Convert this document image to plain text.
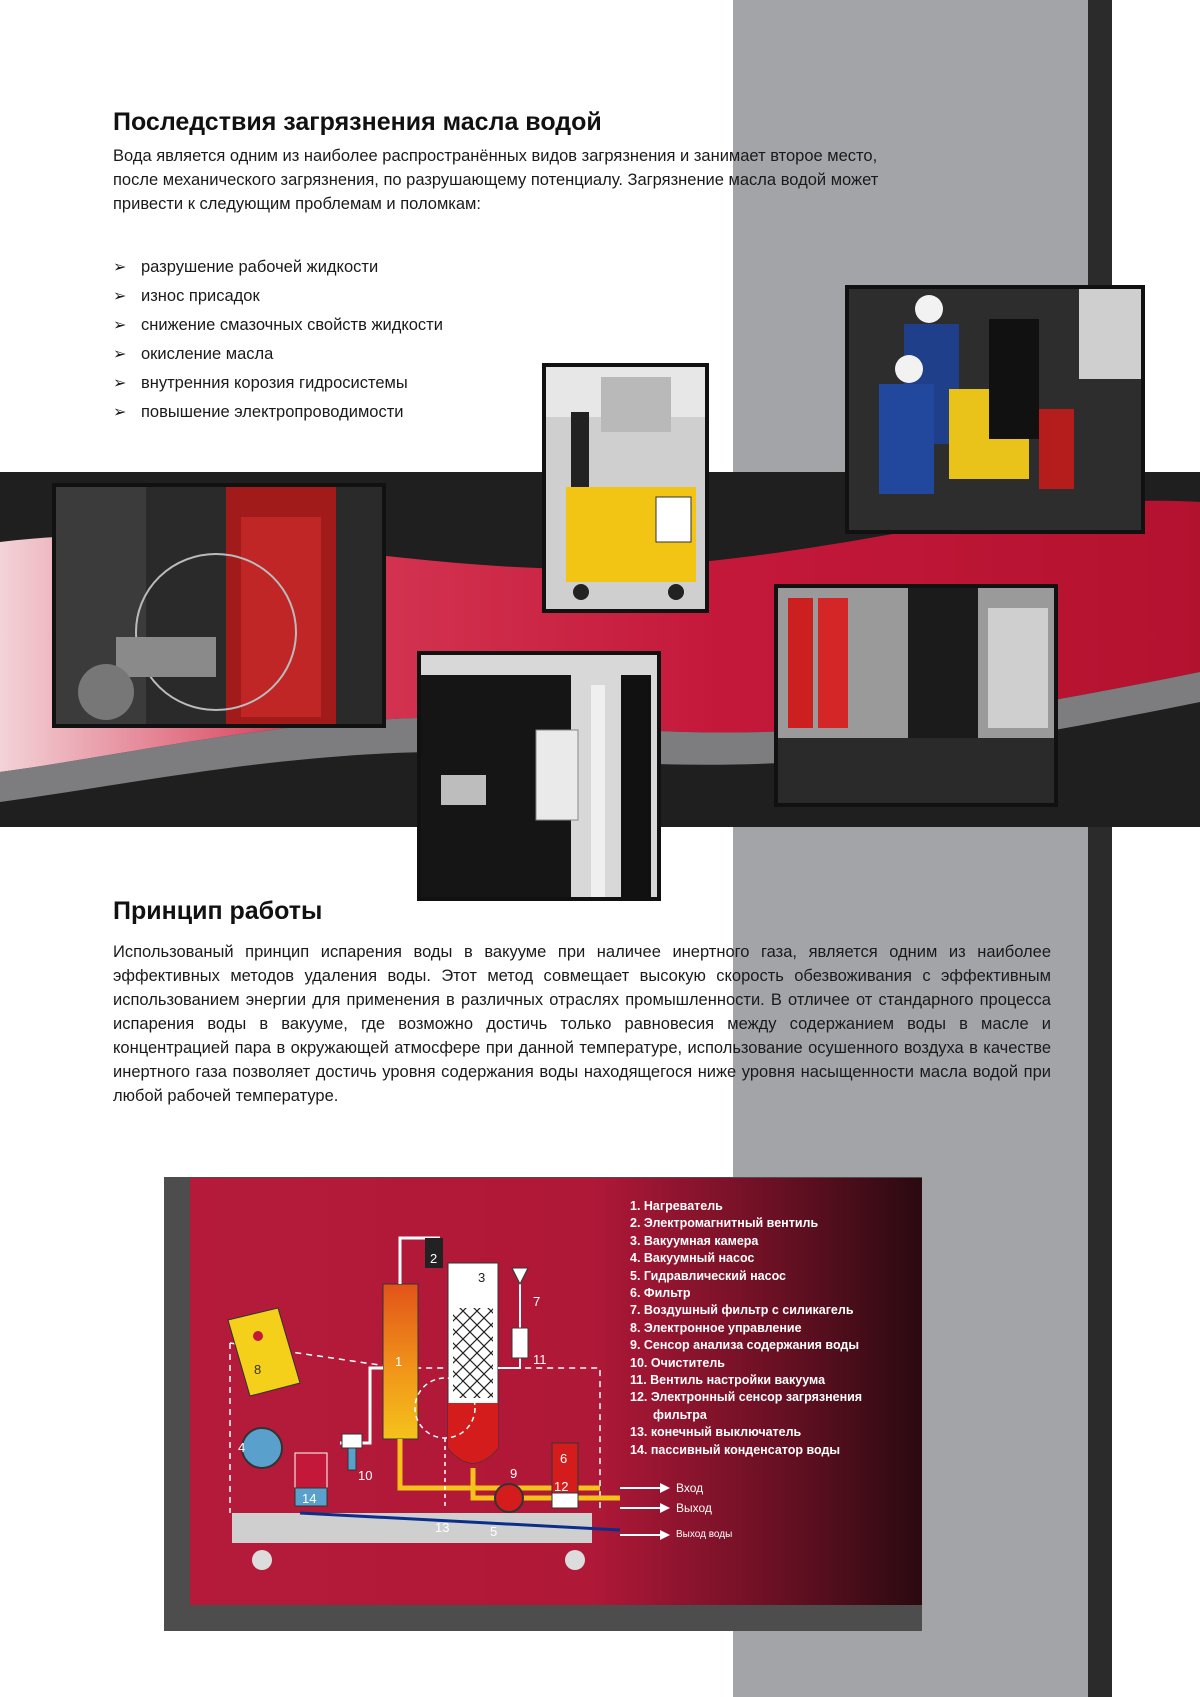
Последствия загрязнения масла водой

Вода является одним из наиболее распространённых видов загрязнения и занимает второе место,

после механического загрязнения, по разрушающему потенциалу. Загрязнение масла водой может

привести к следующим проблемам и поломкам:

➢ разрушение рабочей жидкости
➢ износ присадок
➢ снижение смазочных свойств жидкости
➢ окисление масла
➢ внутренния корозия гидросистемы
➢ повышение электропроводимости
Принцип работы

Использованый принцип испарения воды в вакууме при наличее инертного газа, является одним из наиболее эффективных методов удаления воды. Этот метод совмещает высокую скорость обезвоживания с эффективным использованием энергии для применения в различных отраслях промышленности. В отличее от стандарного процесса испарения воды в вакууме, где возможно достичь только равновесия между содержанием воды в масле и концентрацией пара в окружающей атмосфере при данной температуре, использование осушенного воздуха в качестве инертного газа позволяет достичь уровня содержания воды находящегося ниже уровня насыщенности масла водой при любой рабочей температуре.

1
2
3
4
5
6
7
8
9
10
11
12
13
14
Вход
Выход
Выход воды
1. Нагреватель
2. Электромагнитный вентиль
3. Вакуумная камера
4. Вакуумный насос
5. Гидравлический насос
6. Фильтр
7. Воздушный фильтр с силикагель
8. Электронное управление
9. Сенсор анализа содержания воды
10. Очиститель
11. Вентиль настройки вакуума
12. Электронный сенсор загрязнения
фильтра
13. конечный выключатель
14. пассивный конденсатор воды
